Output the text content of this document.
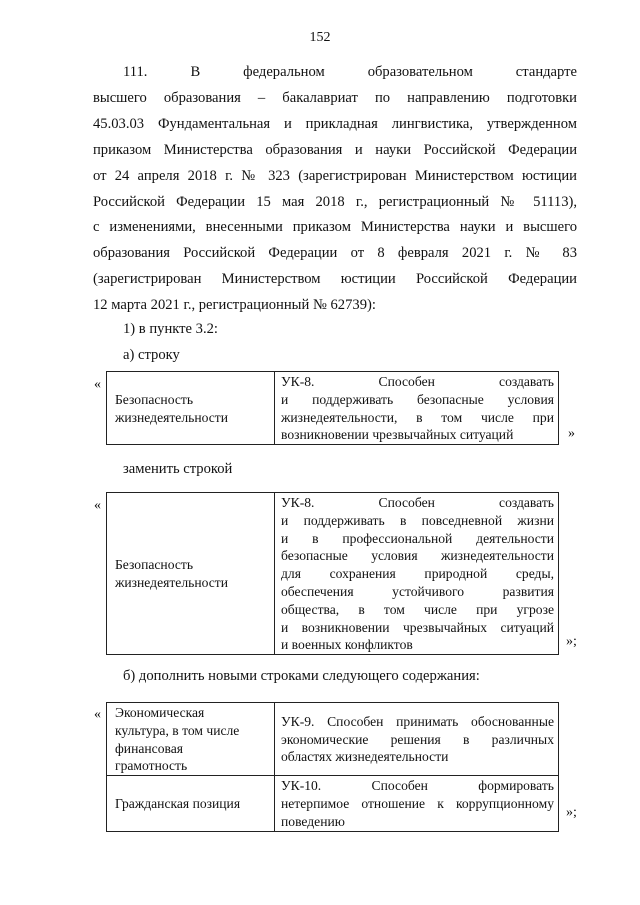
152
111. В федеральном образовательном стандарте
высшего образования – бакалавриат по направлению подготовки
45.03.03 Фундаментальная и прикладная лингвистика, утвержденном
приказом Министерства образования и науки Российской Федерации
от 24 апреля 2018 г. № 323 (зарегистрирован Министерством юстиции
Российской Федерации 15 мая 2018 г., регистрационный № 51113),
с изменениями, внесенными приказом Министерства науки и высшего
образования Российской Федерации от 8 февраля 2021 г. № 83
(зарегистрирован Министерством юстиции Российской Федерации
12 марта 2021 г., регистрационный № 62739):
1) в пункте 3.2:
а) строку
«
Безопасность
жизнедеятельности

УК-8. Способен создавать
и поддерживать безопасные условия
жизнедеятельности, в том числе при
возникновении чрезвычайных ситуаций	»
заменить строкой
«
Безопасность
жизнедеятельности

УК-8. Способен создавать
и поддерживать в повседневной жизни
и в профессиональной деятельности
безопасные условия жизнедеятельности
для сохранения природной среды,
обеспечения устойчивого развития
общества, в том числе при угрозе
и возникновении чрезвычайных ситуаций
и военных конфликтов	»;
б) дополнить новыми строками следующего содержания:
« Экономическая
культура, в том числе
финансовая
грамотность	УК-9. Способен принимать обоснованные
экономические решения в различных
областях жизнедеятельности

Гражданская позиция	УК-10. Способен формировать
нетерпимое отношение к коррупционному
поведению
»;
